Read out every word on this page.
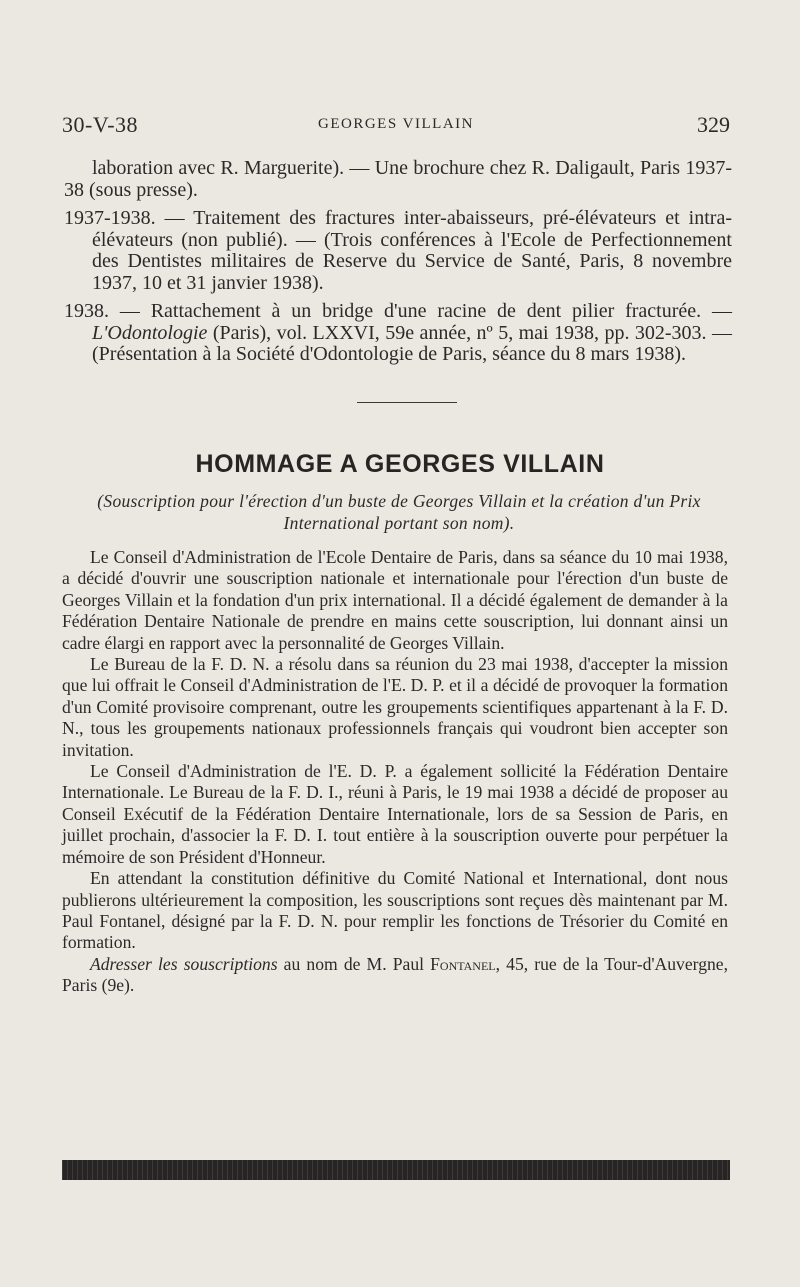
30-V-38	GEORGES VILLAIN	329

laboration avec R. Marguerite). — Une brochure chez R. Daligault, Paris 1937-38 (sous presse).

1937-1938. — Traitement des fractures inter-abaisseurs, pré-élévateurs et intra-élévateurs (non publié). — (Trois conférences à l'Ecole de Perfectionnement des Dentistes militaires de Reserve du Service de Santé, Paris, 8 novembre 1937, 10 et 31 janvier 1938).

1938. — Rattachement à un bridge d'une racine de dent pilier fracturée. — L'Odontologie (Paris), vol. LXXVI, 59e année, nº 5, mai 1938, pp. 302-303. — (Présentation à la Société d'Odontologie de Paris, séance du 8 mars 1938).

HOMMAGE A GEORGES VILLAIN
(Souscription pour l'érection d'un buste de Georges Villain et la création d'un Prix International portant son nom).

Le Conseil d'Administration de l'Ecole Dentaire de Paris, dans sa séance du 10 mai 1938, a décidé d'ouvrir une souscription nationale et internationale pour l'érection d'un buste de Georges Villain et la fondation d'un prix international. Il a décidé également de demander à la Fédération Dentaire Nationale de prendre en mains cette souscription, lui donnant ainsi un cadre élargi en rapport avec la personnalité de Georges Villain.

Le Bureau de la F. D. N. a résolu dans sa réunion du 23 mai 1938, d'accepter la mission que lui offrait le Conseil d'Administration de l'E. D. P. et il a décidé de provoquer la formation d'un Comité provisoire comprenant, outre les groupements scientifiques appartenant à la F. D. N., tous les groupements nationaux professionnels français qui voudront bien accepter son invitation.

Le Conseil d'Administration de l'E. D. P. a également sollicité la Fédération Dentaire Internationale. Le Bureau de la F. D. I., réuni à Paris, le 19 mai 1938 a décidé de proposer au Conseil Exécutif de la Fédération Dentaire Internationale, lors de sa Session de Paris, en juillet prochain, d'associer la F. D. I. tout entière à la souscription ouverte pour perpétuer la mémoire de son Président d'Honneur.

En attendant la constitution définitive du Comité National et International, dont nous publierons ultérieurement la composition, les souscriptions sont reçues dès maintenant par M. Paul Fontanel, désigné par la F. D. N. pour remplir les fonctions de Trésorier du Comité en formation.

Adresser les souscriptions au nom de M. Paul Fontanel, 45, rue de la Tour-d'Auvergne, Paris (9e).
